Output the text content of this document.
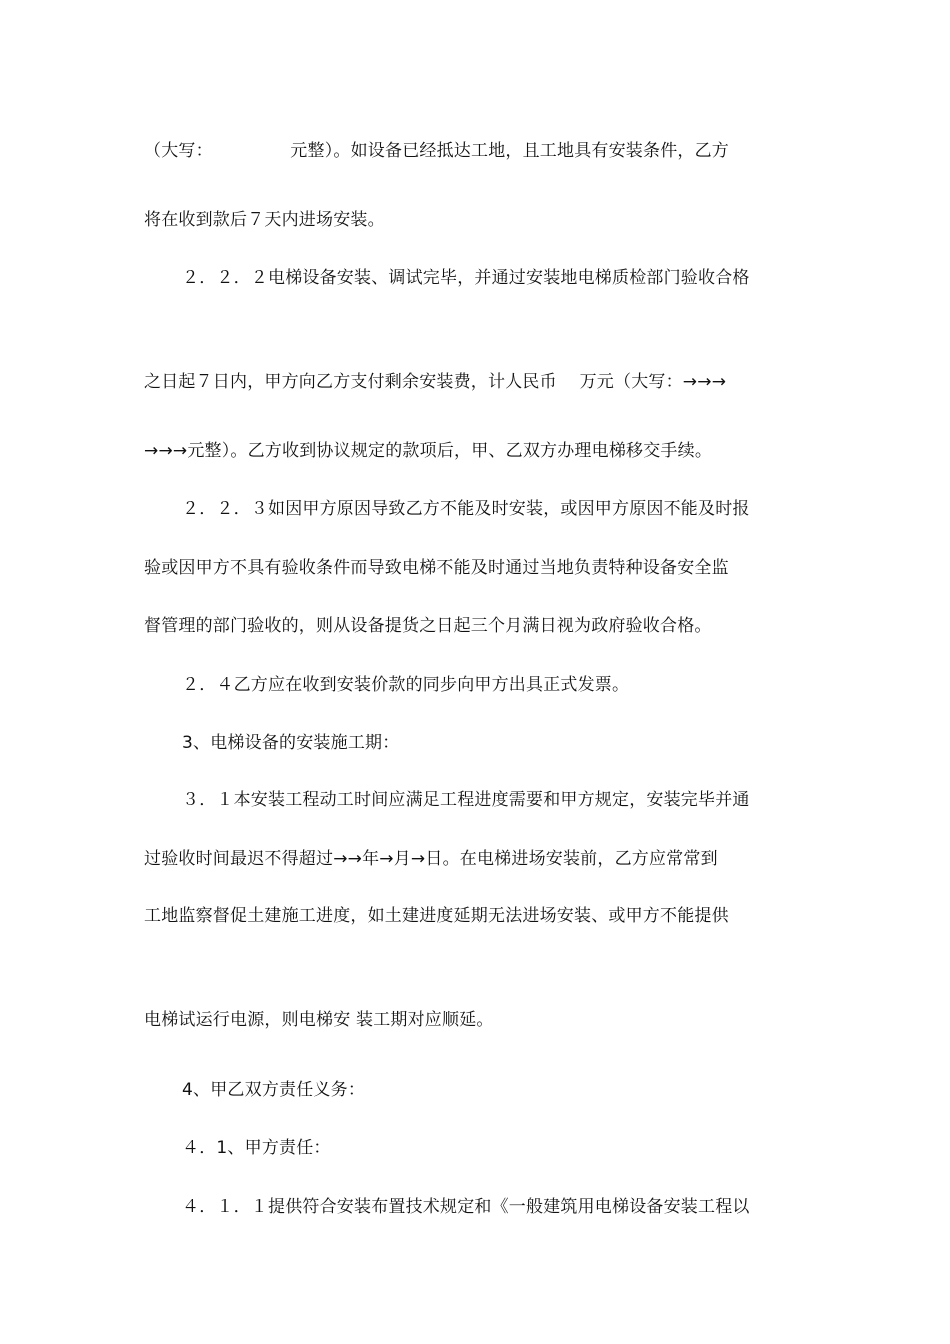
（大写：　　　　　元整）。如设备已经抵达工地，且工地具有安装条件，乙方
将在收到款后７天内进场安装。
２．２．２电梯设备安装、调试完毕，并通过安装地电梯质检部门验收合格
之日起７日内，甲方向乙方支付剩余安装费，计人民币　 万元（大写：→→→
→→→元整）。乙方收到协议规定的款项后，甲、乙双方办理电梯移交手续。
２．２．３如因甲方原因导致乙方不能及时安装，或因甲方原因不能及时报
验或因甲方不具有验收条件而导致电梯不能及时通过当地负责特种设备安全监
督管理的部门验收的，则从设备提货之日起三个月满日视为政府验收合格。
２．４乙方应在收到安装价款的同步向甲方出具正式发票。
3、电梯设备的安装施工期：
３．１本安装工程动工时间应满足工程进度需要和甲方规定，安装完毕并通
过验收时间最迟不得超过→→年→月→日。在电梯进场安装前，乙方应常常到
工地监察督促土建施工进度，如土建进度延期无法进场安装、或甲方不能提供
电梯试运行电源，则电梯安 装工期对应顺延。
4、甲乙双方责任义务：
４．1、甲方责任：
４．１．１提供符合安装布置技术规定和《一般建筑用电梯设备安装工程以
